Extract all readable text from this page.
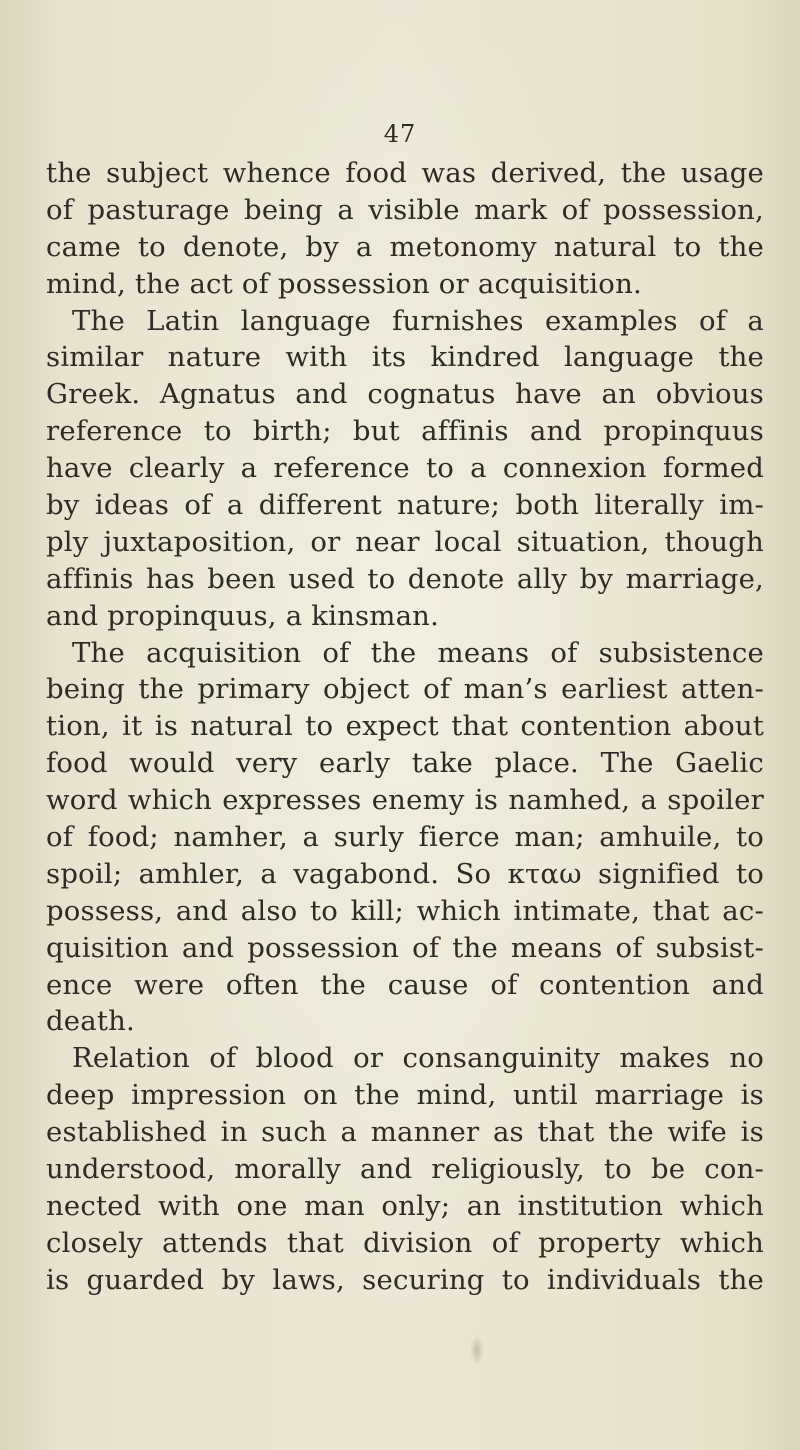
47
the subject whence food was derived, the usage
of pasturage being a visible mark of possession,
came to denote, by a metonomy natural to the
mind, the act of possession or acquisition.
The Latin language furnishes examples of a
similar nature with its kindred language the
Greek. Agnatus and cognatus have an obvious
reference to birth; but affinis and propinquus
have clearly a reference to a connexion formed
by ideas of a different nature; both literally im-
ply juxtaposition, or near local situation, though
affinis has been used to denote ally by marriage,
and propinquus, a kinsman.
The acquisition of the means of subsistence
being the primary object of man’s earliest atten-
tion, it is natural to expect that contention about
food would very early take place. The Gaelic
word which expresses enemy is namhed, a spoiler
of food; namher, a surly fierce man; amhuile, to
spoil; amhler, a vagabond. So κταω signified to
possess, and also to kill; which intimate, that ac-
quisition and possession of the means of subsist-
ence were often the cause of contention and
death.
Relation of blood or consanguinity makes no
deep impression on the mind, until marriage is
established in such a manner as that the wife is
understood, morally and religiously, to be con-
nected with one man only; an institution which
closely attends that division of property which
is guarded by laws, securing to individuals the
